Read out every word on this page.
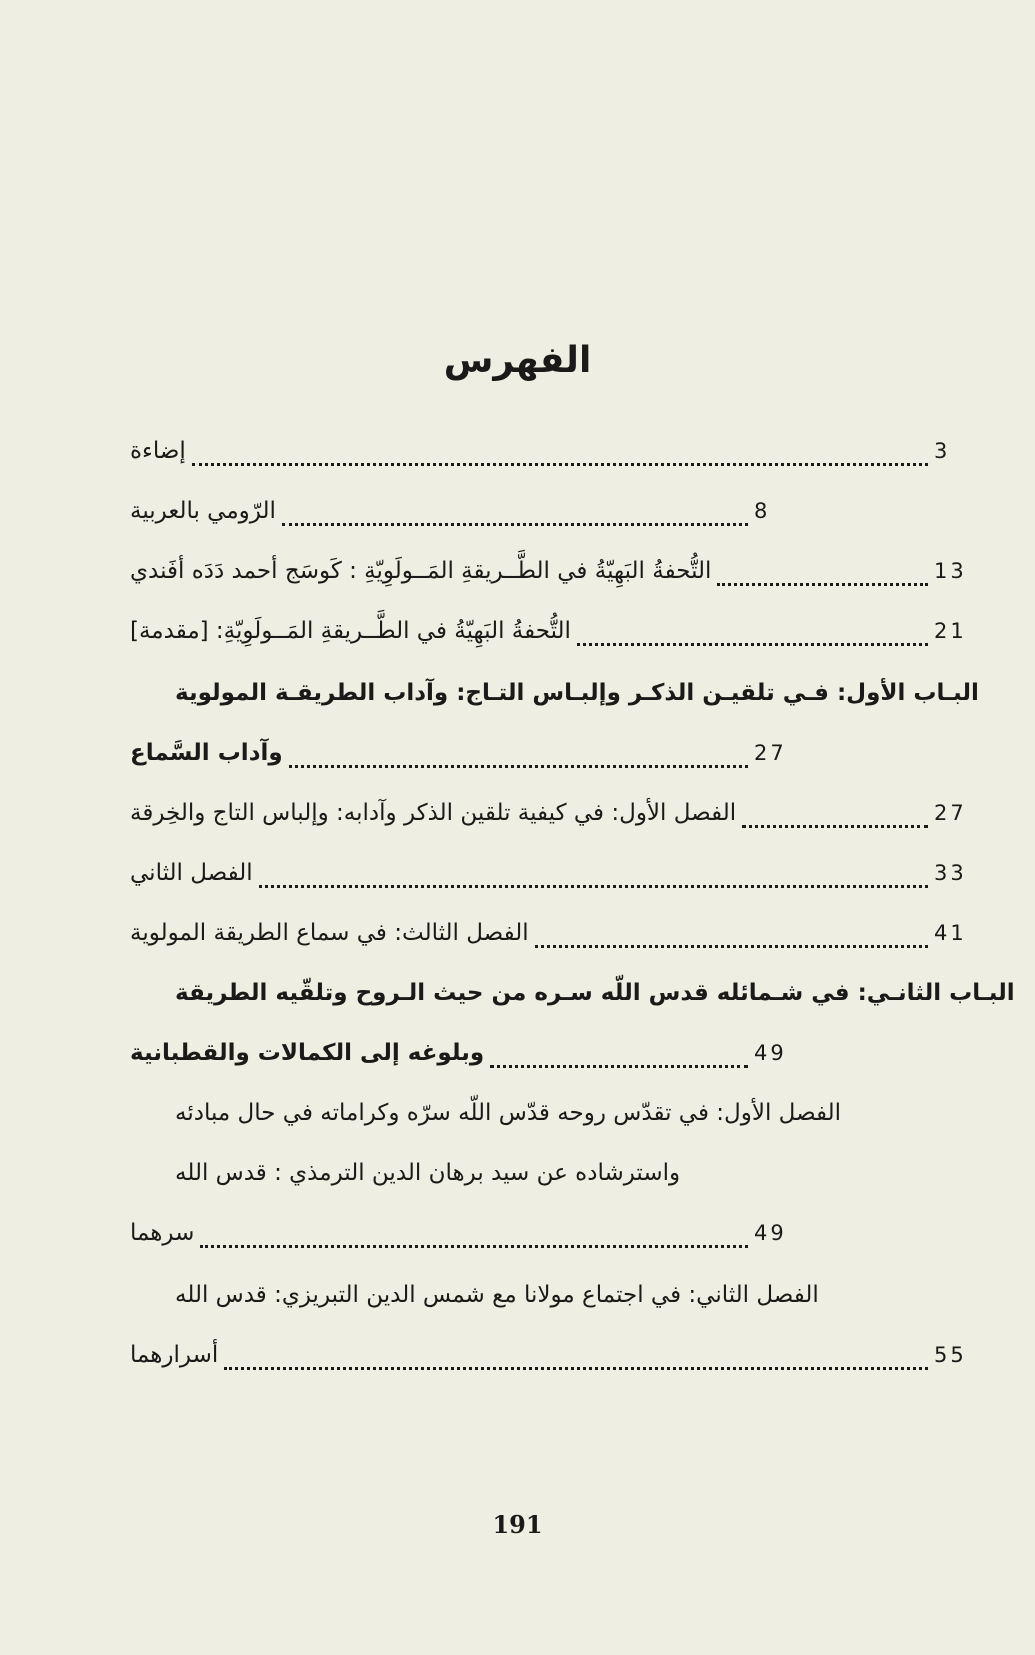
الفهرس
إضاءة	3
الرّومي بالعربية	8
التُّحفةُ البَهِيّةُ في الطَّــريقةِ المَــولَوِيّةِ : كَوسَج أحمد دَدَه أفَندي	13
التُّحفةُ البَهِيّةُ في الطَّــريقةِ المَــولَوِيّةِ: [مقدمة]	21
البـاب الأول: فـي تلقيـن الذكـر وإلبـاس التـاج: وآداب الطريقـة المولوية
وآداب السَّماع	27
الفصل الأول: في كيفية تلقين الذكر وآدابه: وإلباس التاج والخِرقة	27
الفصل الثاني	33
الفصل الثالث: في سماع الطريقة المولوية	41
البـاب الثانـي: في شـمائله قدس اللّه سـره من حيث الـروح وتلقّيه الطريقة
وبلوغه إلى الكمالات والقطبانية	49
الفصل الأول: في تقدّس روحه قدّس اللّه سرّه وكراماته في حال مبادئه
واسترشاده عن سيد برهان الدين الترمذي : قدس الله
سرهما	49
الفصل الثاني: في اجتماع مولانا مع شمس الدين التبريزي: قدس الله
أسرارهما	55
191
